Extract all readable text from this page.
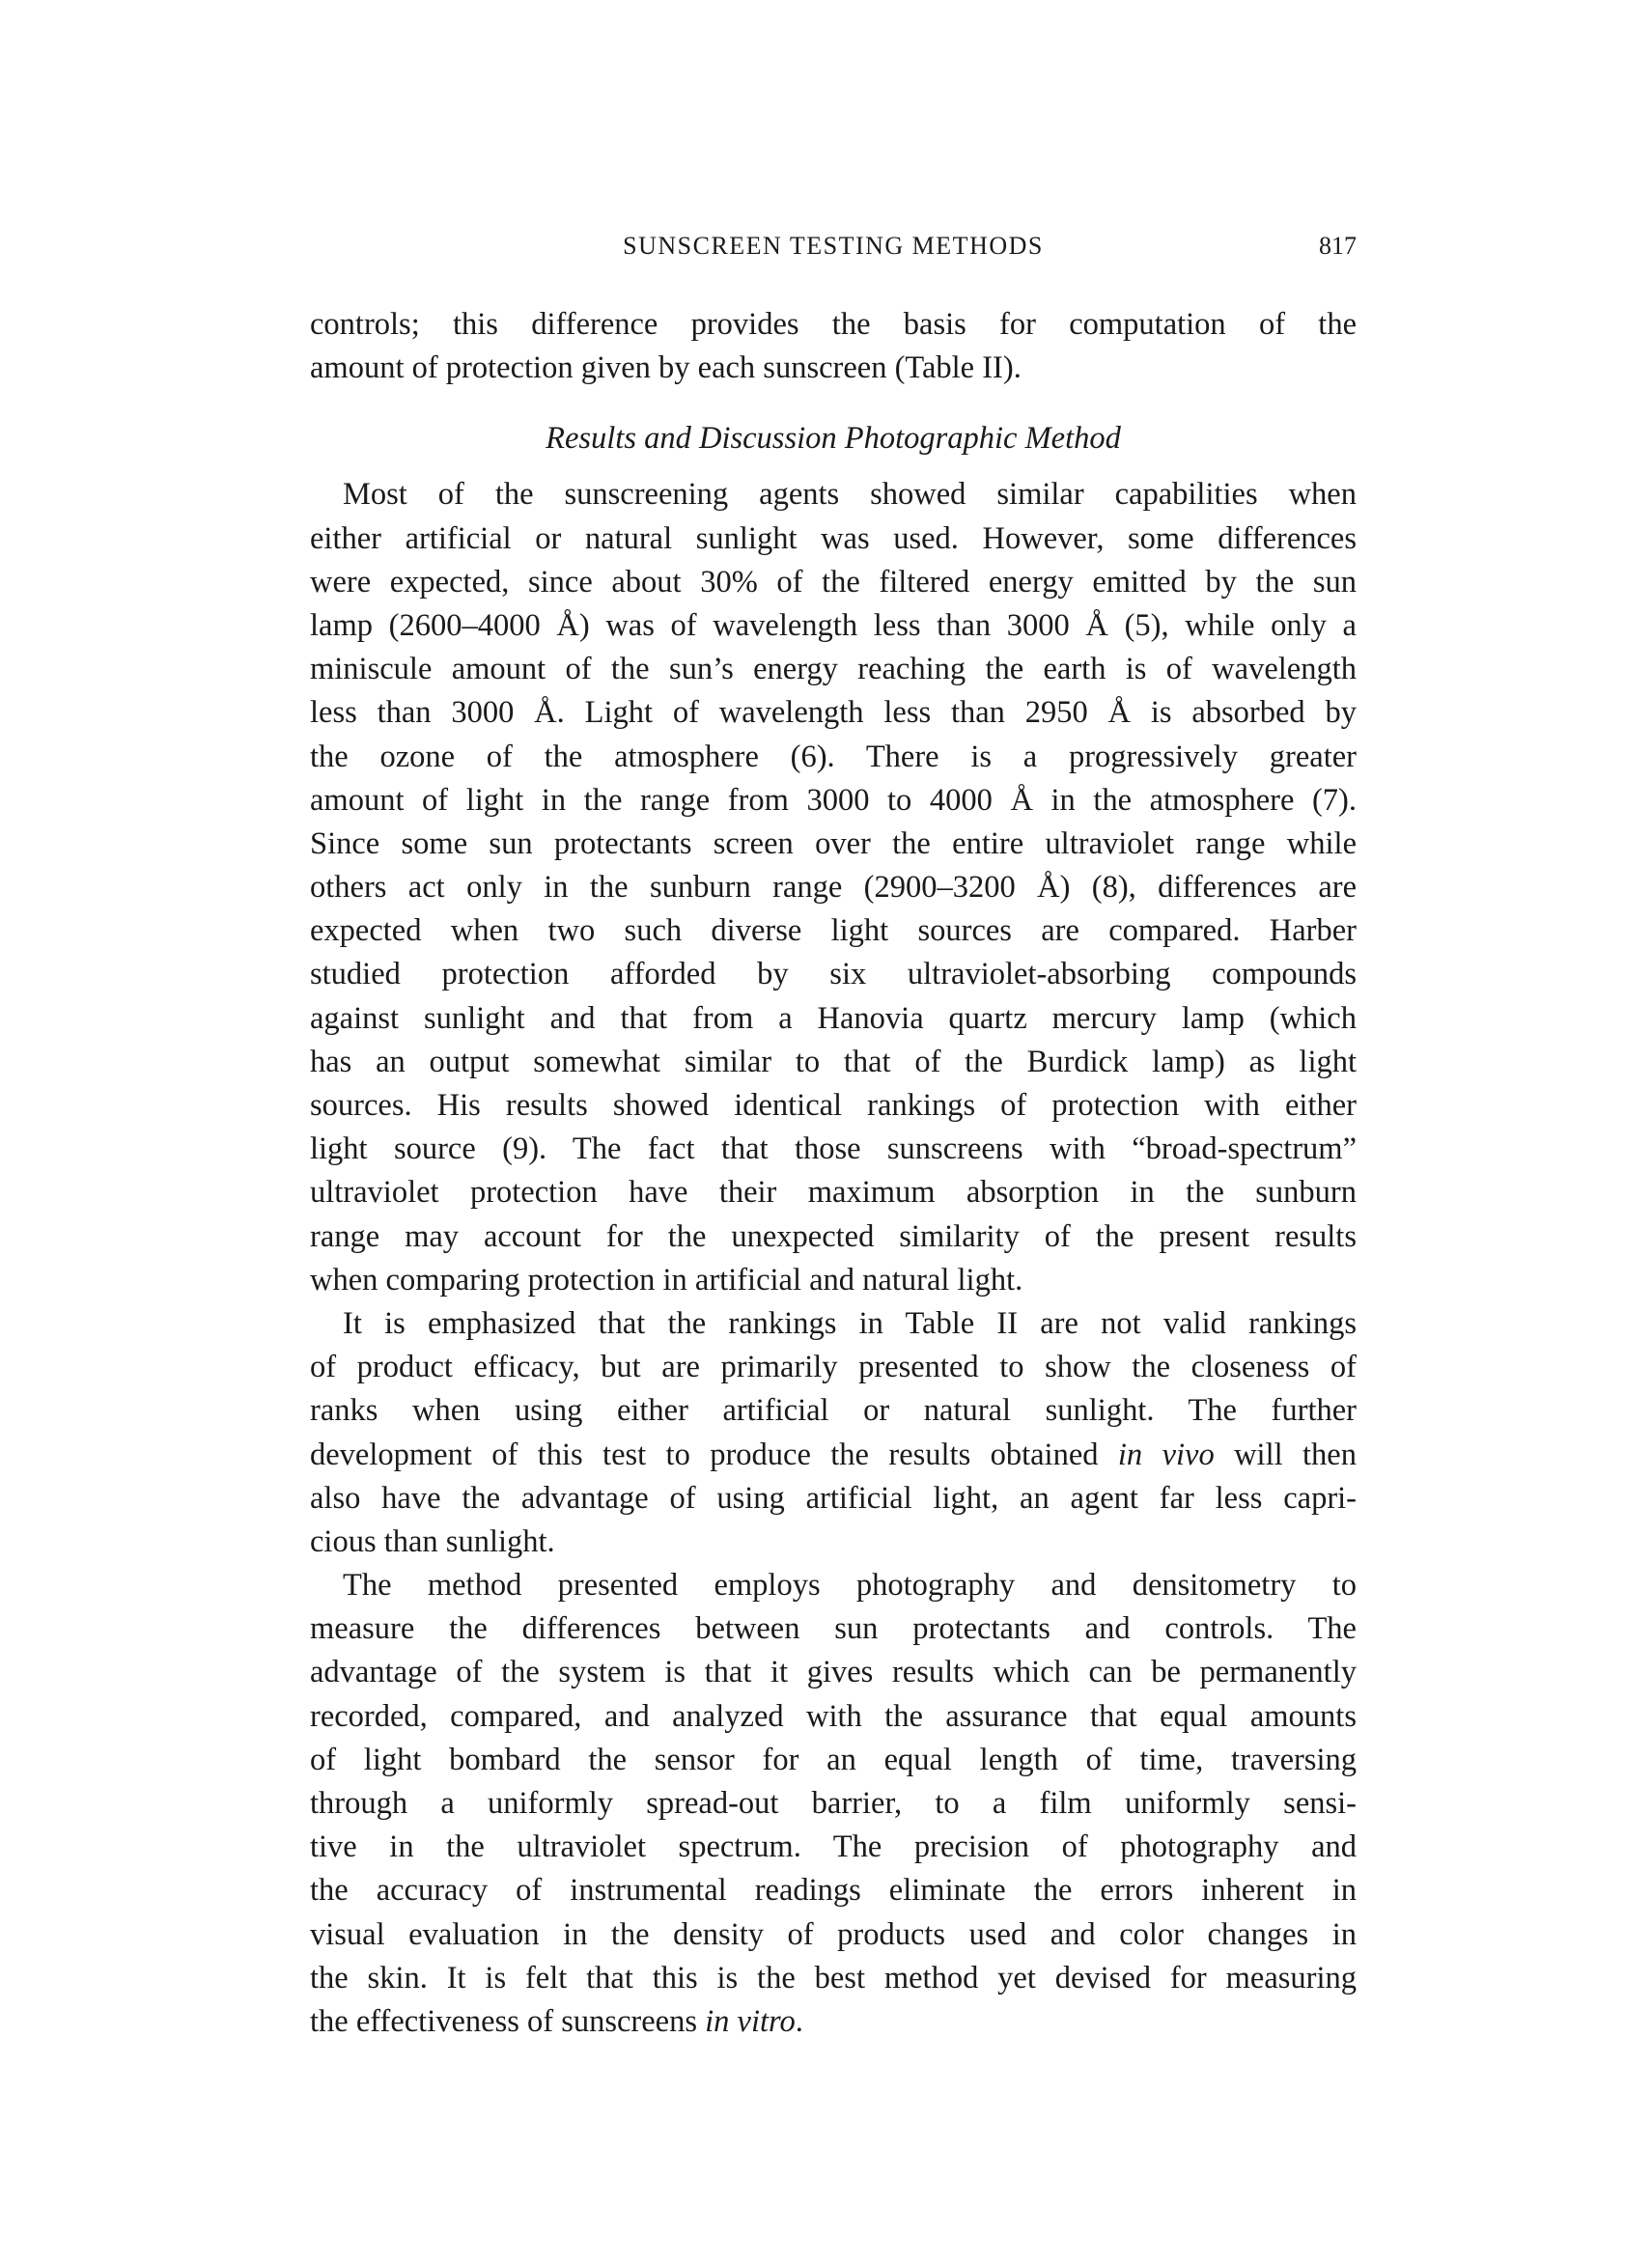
SUNSCREEN TESTING METHODS	817
controls; this difference provides the basis for computation of the
amount of protection given by each sunscreen (Table II).
Results and Discussion Photographic Method
Most of the sunscreening agents showed similar capabilities when
either artificial or natural sunlight was used. However, some differences
were expected, since about 30% of the filtered energy emitted by the sun
lamp (2600–4000 Å) was of wavelength less than 3000 Å (5), while only a
miniscule amount of the sun’s energy reaching the earth is of wavelength
less than 3000 Å. Light of wavelength less than 2950 Å is absorbed by
the ozone of the atmosphere (6). There is a progressively greater
amount of light in the range from 3000 to 4000 Å in the atmosphere (7).
Since some sun protectants screen over the entire ultraviolet range while
others act only in the sunburn range (2900–3200 Å) (8), differences are
expected when two such diverse light sources are compared. Harber
studied protection afforded by six ultraviolet-absorbing compounds
against sunlight and that from a Hanovia quartz mercury lamp (which
has an output somewhat similar to that of the Burdick lamp) as light
sources. His results showed identical rankings of protection with either
light source (9). The fact that those sunscreens with “broad-spectrum”
ultraviolet protection have their maximum absorption in the sunburn
range may account for the unexpected similarity of the present results
when comparing protection in artificial and natural light.
It is emphasized that the rankings in Table II are not valid rankings
of product efficacy, but are primarily presented to show the closeness of
ranks when using either artificial or natural sunlight. The further
development of this test to produce the results obtained in vivo will then
also have the advantage of using artificial light, an agent far less capri-
cious than sunlight.
The method presented employs photography and densitometry to
measure the differences between sun protectants and controls. The
advantage of the system is that it gives results which can be permanently
recorded, compared, and analyzed with the assurance that equal amounts
of light bombard the sensor for an equal length of time, traversing
through a uniformly spread-out barrier, to a film uniformly sensi-
tive in the ultraviolet spectrum. The precision of photography and
the accuracy of instrumental readings eliminate the errors inherent in
visual evaluation in the density of products used and color changes in
the skin. It is felt that this is the best method yet devised for measuring
the effectiveness of sunscreens in vitro.
